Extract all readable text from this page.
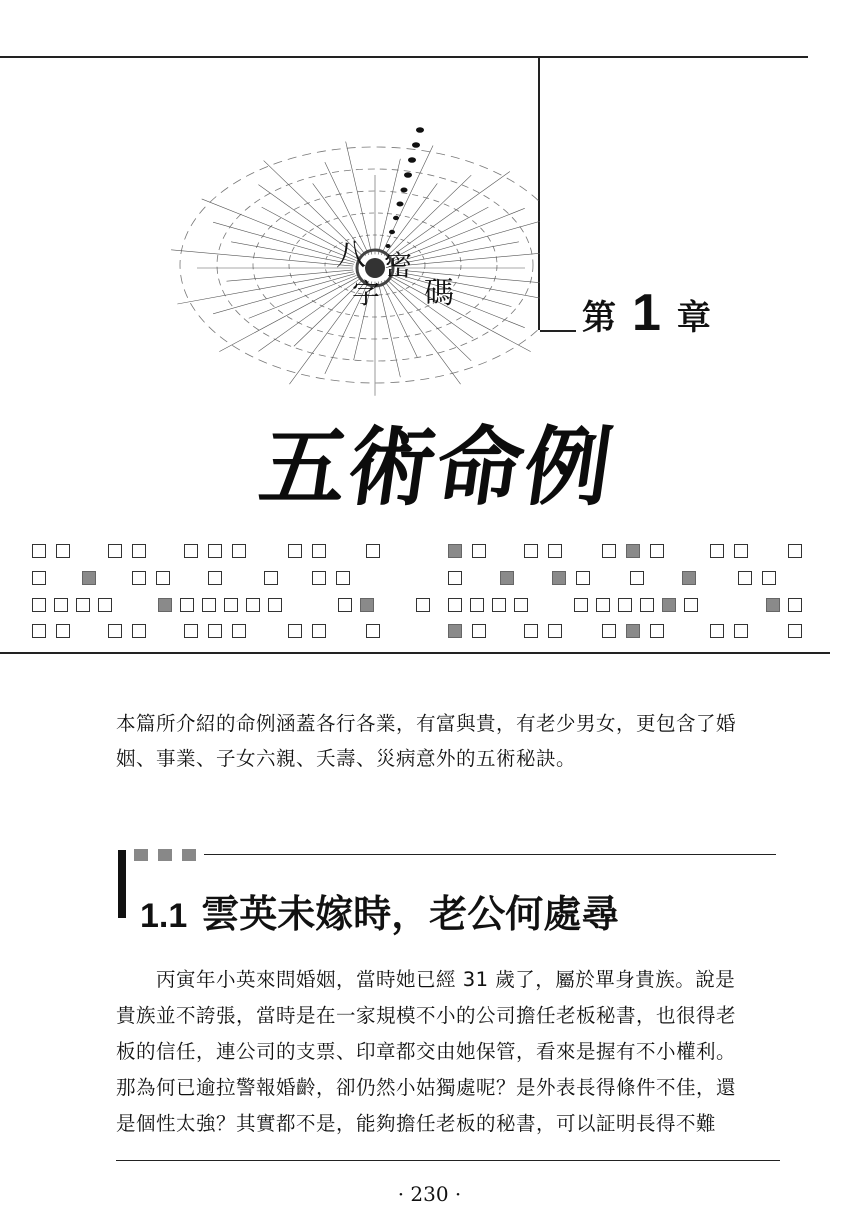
八
字
密
碼
第 1 章
五術命例
本篇所介紹的命例涵蓋各行各業，有富與貴，有老少男女，更包含了婚
姻、事業、子女六親、夭壽、災病意外的五術秘訣。
1.1 雲英未嫁時，老公何處尋
　　丙寅年小英來問婚姻，當時她已經 31 歲了，屬於單身貴族。說是
貴族並不誇張，當時是在一家規模不小的公司擔任老板秘書，也很得老
板的信任，連公司的支票、印章都交由她保管，看來是握有不小權利。
那為何已逾拉警報婚齡，卻仍然小姑獨處呢？是外表長得條件不佳，還
是個性太強？其實都不是，能夠擔任老板的秘書，可以証明長得不難
· 230 ·
